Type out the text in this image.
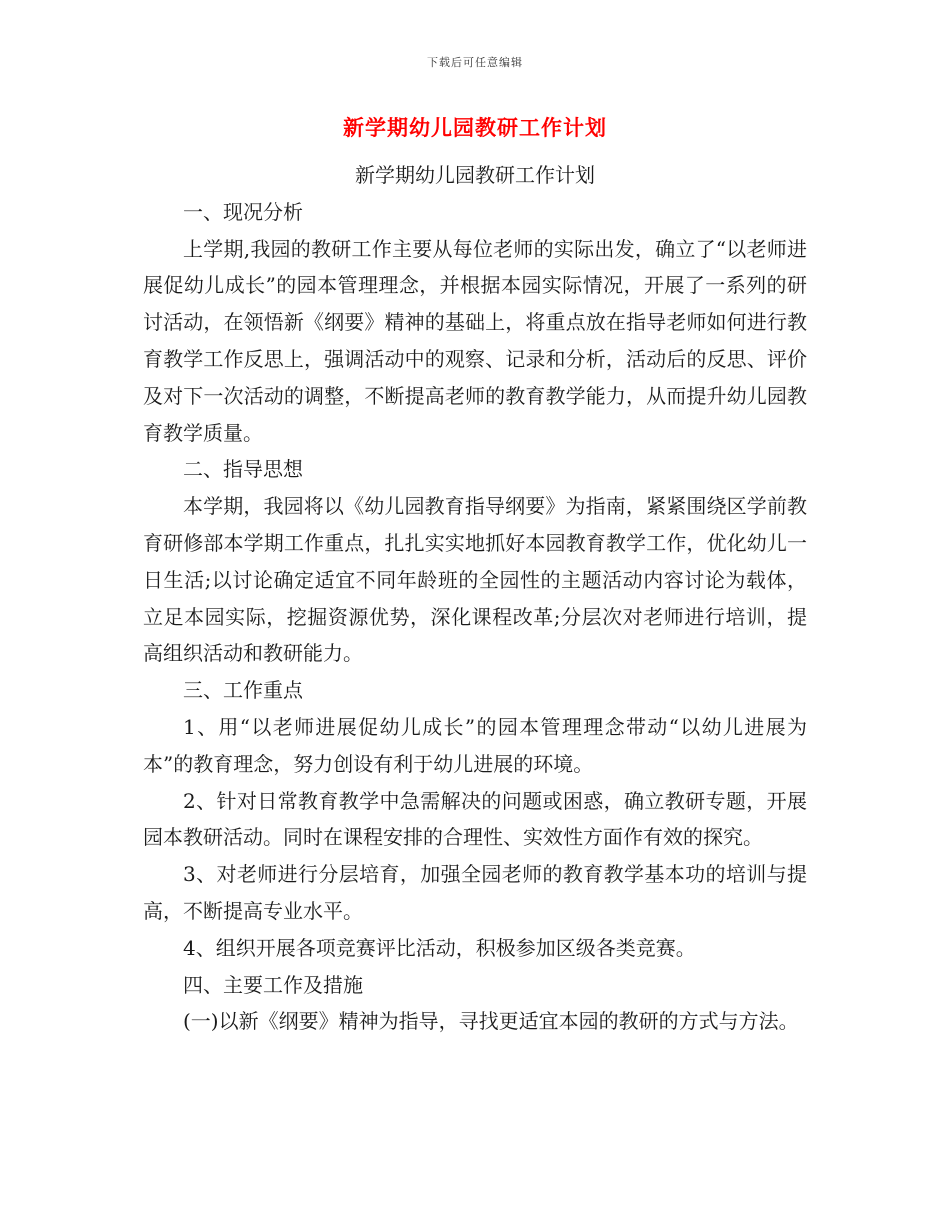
下载后可任意编辑
新学期幼儿园教研工作计划

新学期幼儿园教研工作计划

一、现况分析

上学期,我园的教研工作主要从每位老师的实际出发，确立了“以老师进展促幼儿成长”的园本管理理念，并根据本园实际情况，开展了一系列的研讨活动，在领悟新《纲要》精神的基础上，将重点放在指导老师如何进行教育教学工作反思上，强调活动中的观察、记录和分析，活动后的反思、评价及对下一次活动的调整，不断提高老师的教育教学能力，从而提升幼儿园教育教学质量。

二、指导思想

本学期，我园将以《幼儿园教育指导纲要》为指南，紧紧围绕区学前教育研修部本学期工作重点，扎扎实实地抓好本园教育教学工作，优化幼儿一日生活;以讨论确定适宜不同年龄班的全园性的主题活动内容讨论为载体，立足本园实际，挖掘资源优势，深化课程改革;分层次对老师进行培训，提高组织活动和教研能力。

三、工作重点

1、用“以老师进展促幼儿成长”的园本管理理念带动“以幼儿进展为本”的教育理念，努力创设有利于幼儿进展的环境。

2、针对日常教育教学中急需解决的问题或困惑，确立教研专题，开展园本教研活动。同时在课程安排的合理性、实效性方面作有效的探究。

3、对老师进行分层培育，加强全园老师的教育教学基本功的培训与提高，不断提高专业水平。

4、组织开展各项竞赛评比活动，积极参加区级各类竞赛。

四、主要工作及措施

(一)以新《纲要》精神为指导，寻找更适宜本园的教研的方式与方法。
